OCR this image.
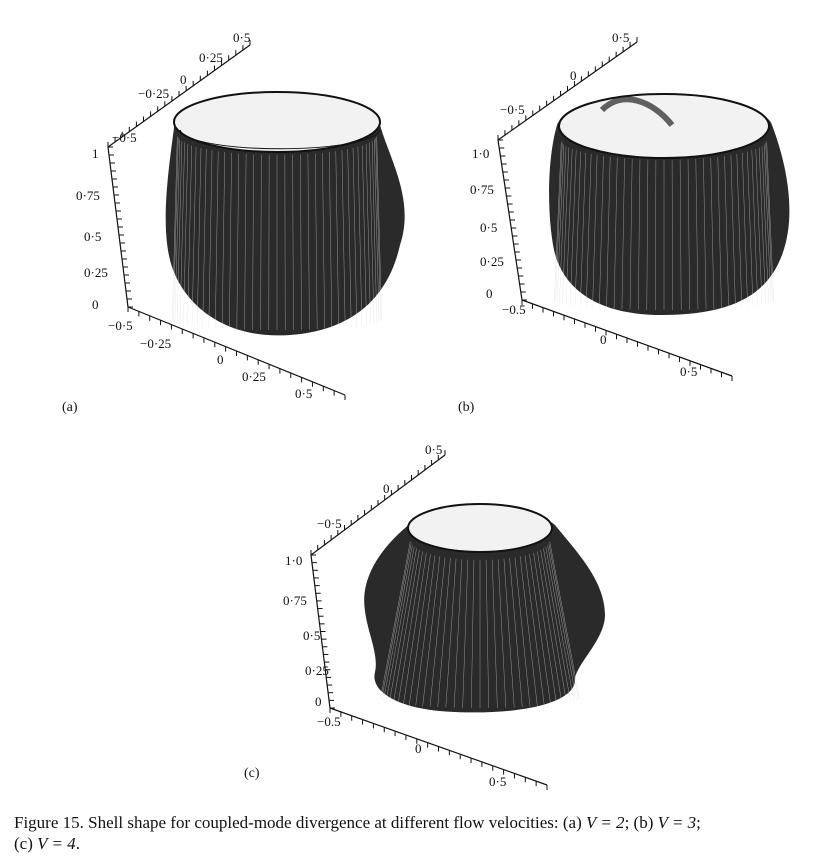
−0·5
−0·25
0
0·25
0·5
0
0·25
0·5
0·75
1
−0·5
−0·25
0
0·25
0·5
(a)
−0·5
0
0·5
0
0·25
0·5
0·75
1·0
−0.5
0
0·5
(b)
−0·5
0
0·5
0
0·25
0·5
0·75
1·0
−0.5
0
0·5
(c)
Figure 15. Shell shape for coupled-mode divergence at different flow velocities: (a) V = 2; (b) V = 3;
(c) V = 4.
